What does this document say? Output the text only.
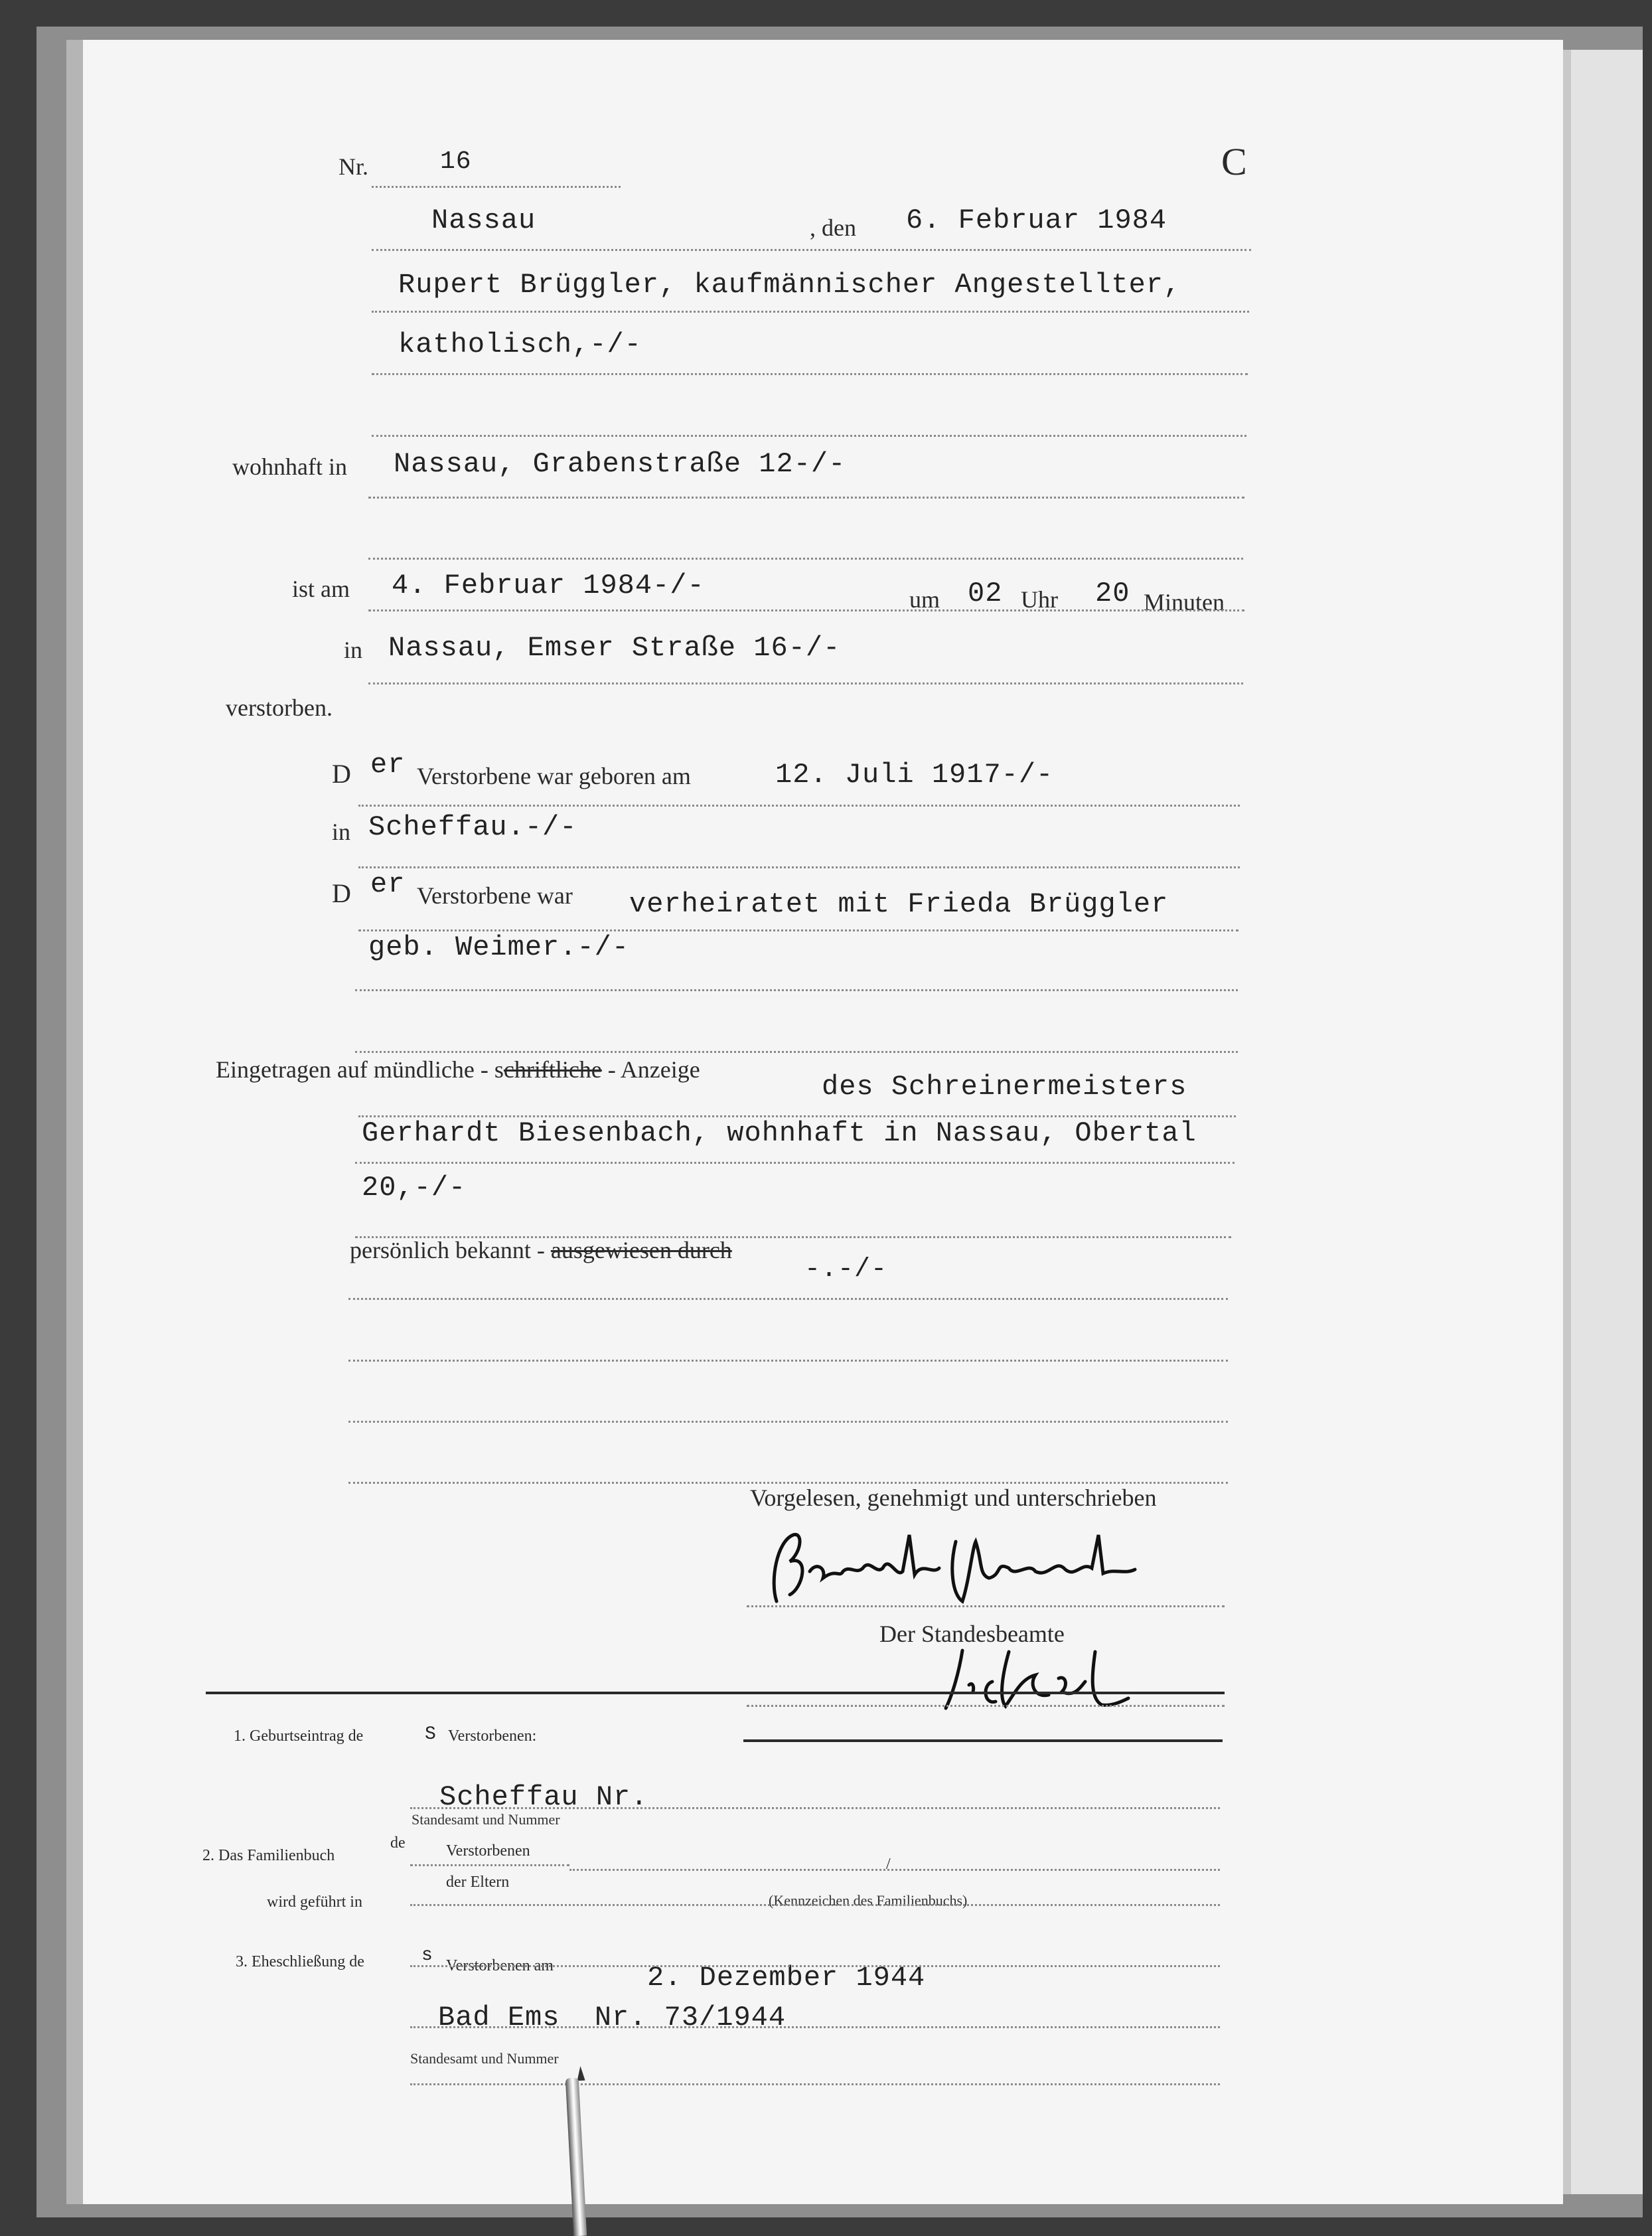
Nr.	16	C
Nassau	, den 6. Februar 1984
Rupert Brüggler, kaufmännischer Angestellter,
katholisch,-/-
wohnhaft in Nassau, Grabenstraße 12-/-
ist am 4. Februar 1984-/-	um 02 Uhr 20 Minuten
in Nassau, Emser Straße 16-/-
verstorben.
D er Verstorbene war geboren am	12. Juli 1917-/-
in Scheffau.-/-
D er Verstorbene war verheiratet mit Frieda Brüggler
geb. Weimer.-/-
Eingetragen auf mündliche - schriftliche - Anzeige
des Schreinermeisters
Gerhardt Biesenbach, wohnhaft in Nassau, Obertal
20,-/-
persönlich bekannt - ausgewiesen durch
-.-/-
Vorgelesen, genehmigt und unterschrieben
Der Standesbeamte
1. Geburtseintrag de	S Verstorbenen:
Scheffau Nr.
Standesamt und Nummer
2. Das Familienbuch
de	Verstorbenen
der Eltern
/
(Kennzeichen des Familienbuchs)
wird geführt in
3. Eheschließung de	s Verstorbenen am	2. Dezember 1944
Bad Ems  Nr. 73/1944
Standesamt und Nummer
